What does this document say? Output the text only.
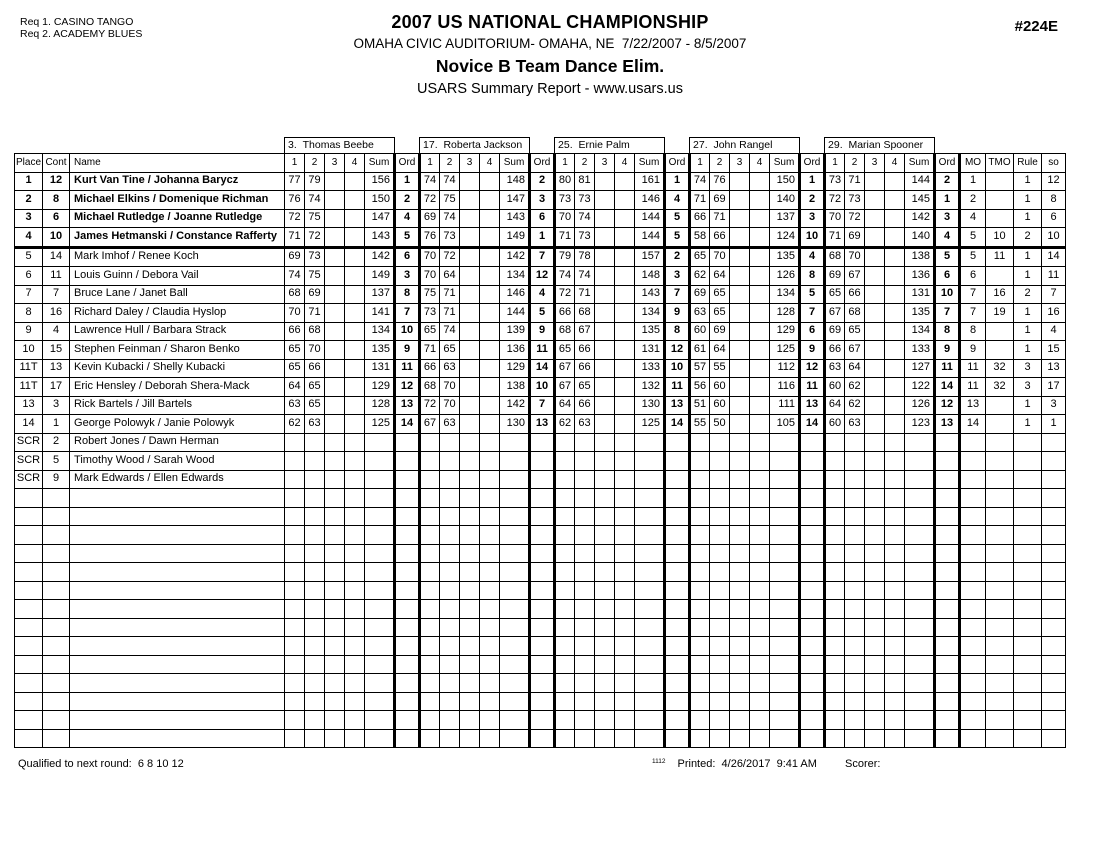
Req 1. CASINO TANGO
Req 2. ACADEMY BLUES
2007 US NATIONAL CHAMPIONSHIP
OMAHA CIVIC AUDITORIUM- OMAHA, NE  7/22/2007 - 8/5/2007
Novice B Team Dance Elim.
USARS Summary Report - www.usars.us
#224E
			3.  Thomas Beebe						17.  Roberta Jackson						25.  Ernie Palm						27.  John Rangel						29.  Marian Spooner									
Place	Cont	Name	1	2	3	4	Sum	Ord	1	2	3	4	Sum	Ord	1	2	3	4	Sum	Ord	1	2	3	4	Sum	Ord	1	2	3	4	Sum	Ord	MO	TMO	Rule	so
1	12	Kurt Van Tine / Johanna Barycz	77	79			156	1	74	74			148	2	80	81			161	1	74	76			150	1	73	71			144	2	1		1	12
2	8	Michael Elkins / Domenique Richman	76	74			150	2	72	75			147	3	73	73			146	4	71	69			140	2	72	73			145	1	2		1	8
3	6	Michael Rutledge / Joanne Rutledge	72	75			147	4	69	74			143	6	70	74			144	5	66	71			137	3	70	72			142	3	4		1	6
4	10	James Hetmanski / Constance Rafferty	71	72			143	5	76	73			149	1	71	73			144	5	58	66			124	10	71	69			140	4	5	10	2	10
5	14	Mark Imhof / Renee Koch	69	73			142	6	70	72			142	7	79	78			157	2	65	70			135	4	68	70			138	5	5	11	1	14
6	11	Louis Guinn / Debora Vail	74	75			149	3	70	64			134	12	74	74			148	3	62	64			126	8	69	67			136	6	6		1	11
7	7	Bruce Lane / Janet Ball	68	69			137	8	75	71			146	4	72	71			143	7	69	65			134	5	65	66			131	10	7	16	2	7
8	16	Richard Daley / Claudia Hyslop	70	71			141	7	73	71			144	5	66	68			134	9	63	65			128	7	67	68			135	7	7	19	1	16
9	4	Lawrence Hull / Barbara Strack	66	68			134	10	65	74			139	9	68	67			135	8	60	69			129	6	69	65			134	8	8		1	4
10	15	Stephen Feinman / Sharon Benko	65	70			135	9	71	65			136	11	65	66			131	12	61	64			125	9	66	67			133	9	9		1	15
11T	13	Kevin Kubacki / Shelly Kubacki	65	66			131	11	66	63			129	14	67	66			133	10	57	55			112	12	63	64			127	11	11	32	3	13
11T	17	Eric Hensley / Deborah Shera-Mack	64	65			129	12	68	70			138	10	67	65			132	11	56	60			116	11	60	62			122	14	11	32	3	17
13	3	Rick Bartels / Jill Bartels	63	65			128	13	72	70			142	7	64	66			130	13	51	60			111	13	64	62			126	12	13		1	3
14	1	George Polowyk / Janie Polowyk	62	63			125	14	67	63			130	13	62	63			125	14	55	50			105	14	60	63			123	13	14		1	1
SCR	2	Robert Jones / Dawn Herman																																		
SCR	5	Timothy Wood / Sarah Wood																																		
SCR	9	Mark Edwards / Ellen Edwards																																		

Qualified to next round:  6 8 10 12	$^{1112}$ Printed:  4/26/2017  9:41 AM	Scorer:
